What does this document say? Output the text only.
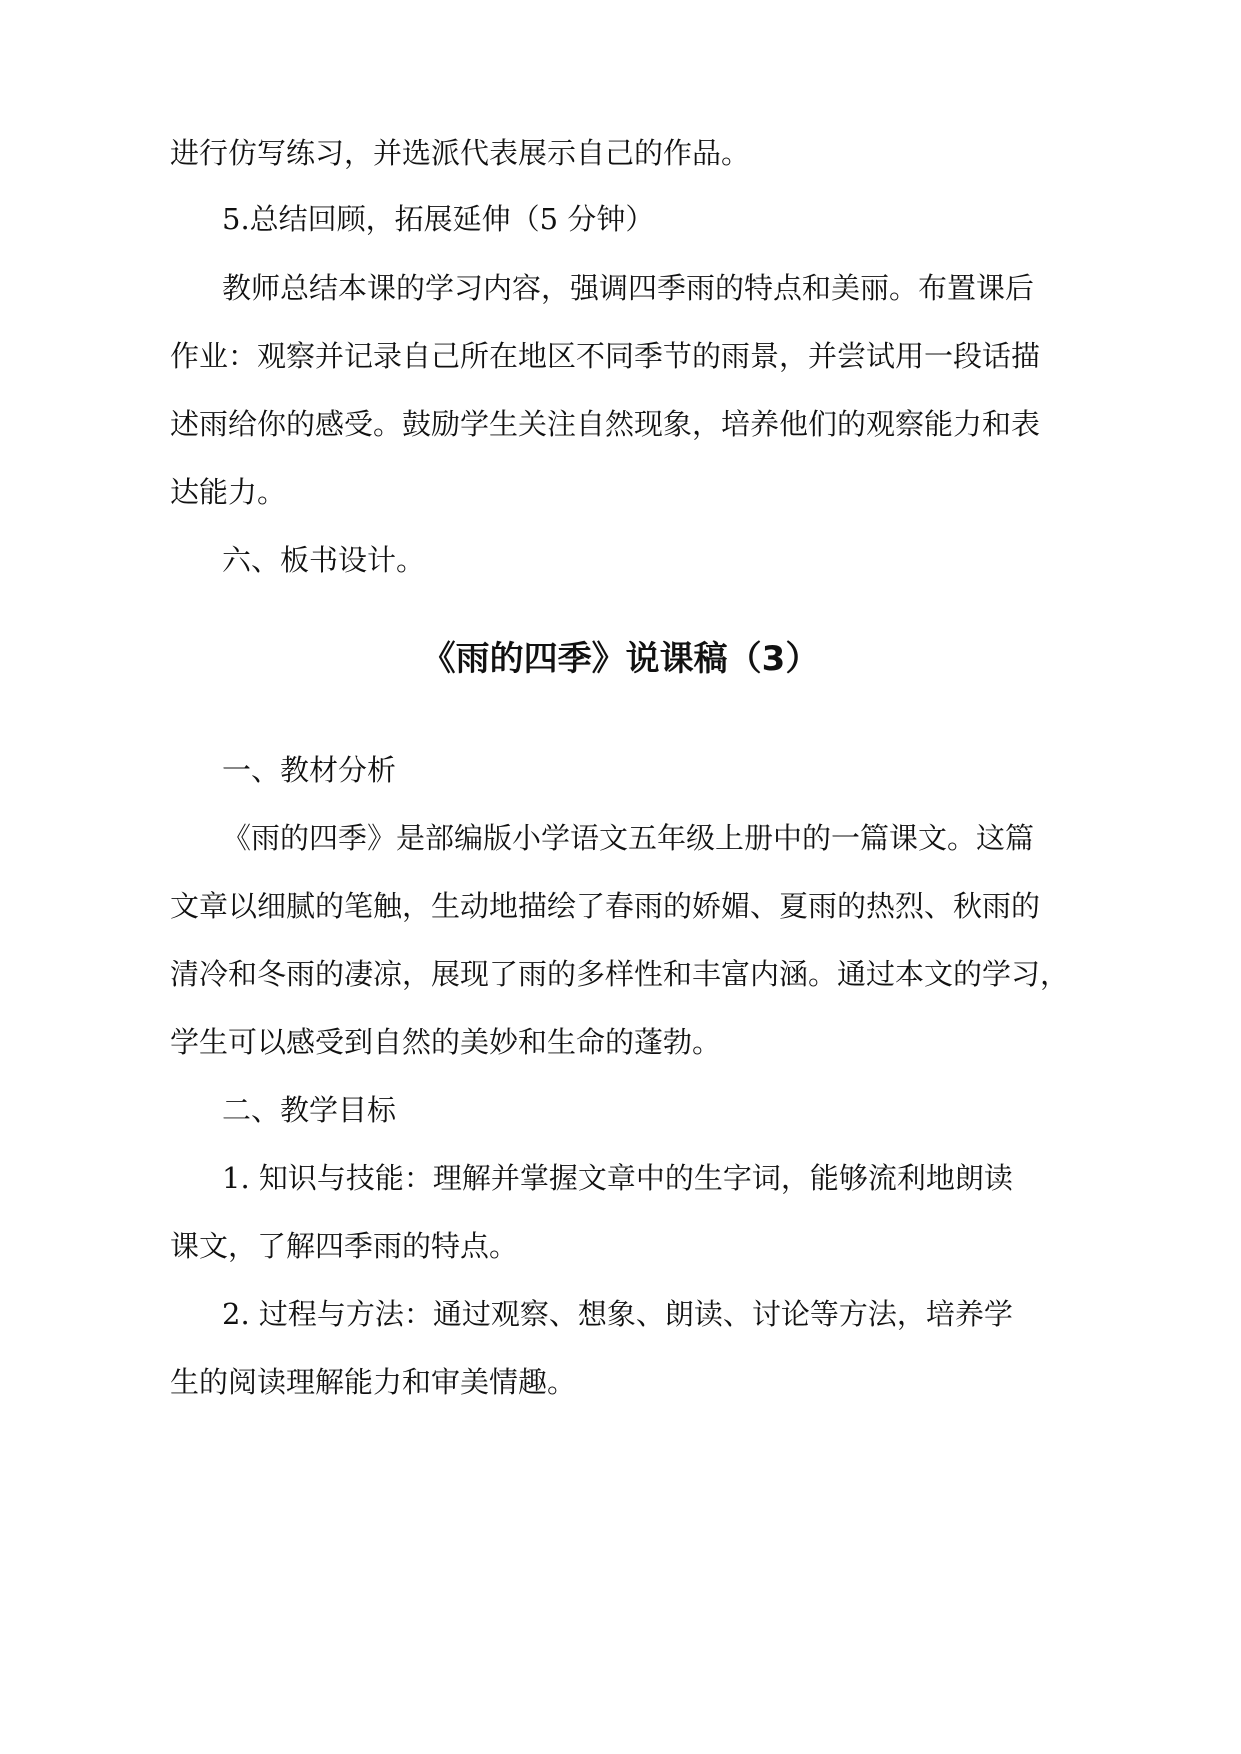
进行仿写练习，并选派代表展示自己的作品。
5.总结回顾，拓展延伸（5 分钟）
教师总结本课的学习内容，强调四季雨的特点和美丽。布置课后
作业：观察并记录自己所在地区不同季节的雨景，并尝试用一段话描
述雨给你的感受。鼓励学生关注自然现象，培养他们的观察能力和表
达能力。
六、板书设计。
《雨的四季》说课稿（3）
一、教材分析
《雨的四季》是部编版小学语文五年级上册中的一篇课文。这篇
文章以细腻的笔触，生动地描绘了春雨的娇媚、夏雨的热烈、秋雨的
清冷和冬雨的凄凉，展现了雨的多样性和丰富内涵。通过本文的学习，
学生可以感受到自然的美妙和生命的蓬勃。
二、教学目标
1. 知识与技能：理解并掌握文章中的生字词，能够流利地朗读
课文，了解四季雨的特点。
2. 过程与方法：通过观察、想象、朗读、讨论等方法，培养学
生的阅读理解能力和审美情趣。
